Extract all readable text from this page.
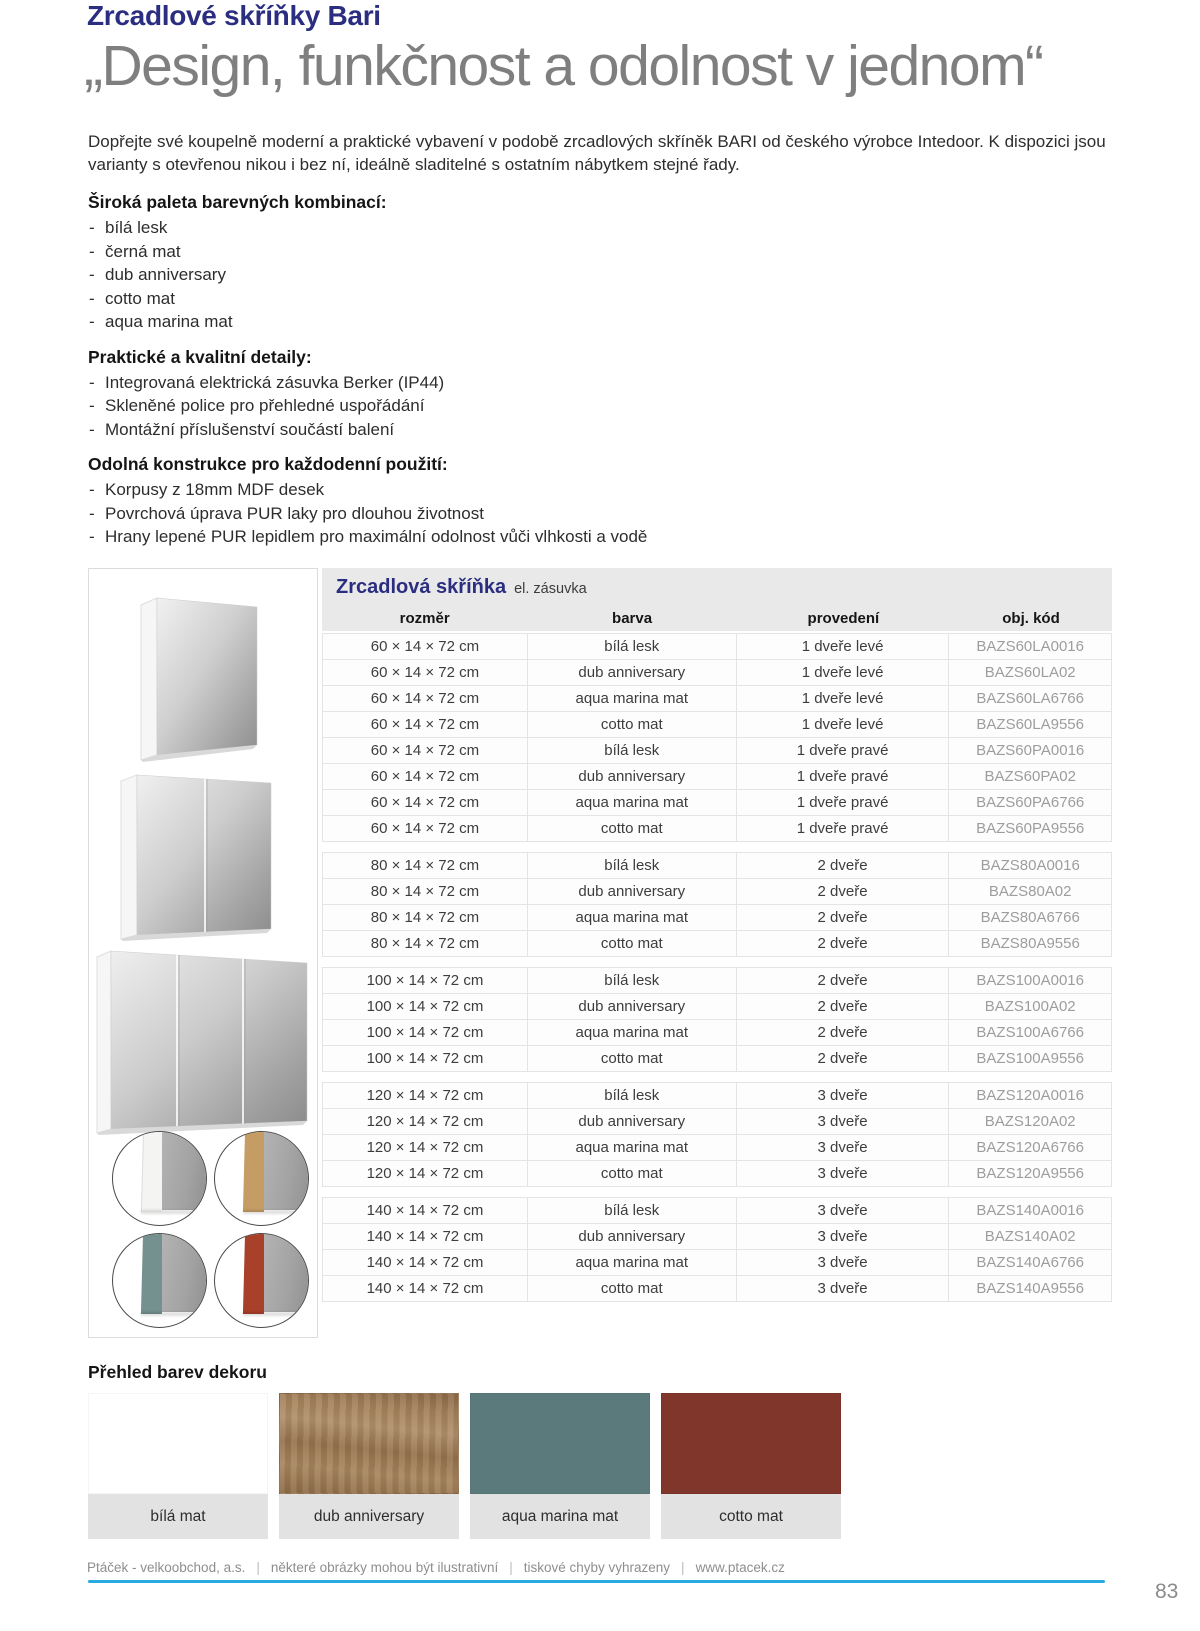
Zrcadlové skříňky Bari
„Design, funkčnost a odolnost v jednom“
Dopřejte své koupelně moderní a praktické vybavení v podobě zrcadlových skříněk BARI od českého výrobce Intedoor. K dispozici jsou varianty s otevřenou nikou i bez ní, ideálně sladitelné s ostatním nábytkem stejné řady.
Široká paleta barevných kombinací:
- bílá lesk
- černá mat
- dub anniversary
- cotto mat
- aqua marina mat
Praktické a kvalitní detaily:
- Integrovaná elektrická zásuvka Berker (IP44)
- Skleněné police pro přehledné uspořádání
- Montážní příslušenství součástí balení
Odolná konstrukce pro každodenní použití:
- Korpusy z 18mm MDF desek
- Povrchová úprava PUR laky pro dlouhou životnost
- Hrany lepené PUR lepidlem pro maximální odolnost vůči vlhkosti a vodě
Zrcadlová skříňka el. zásuvka
rozměr	barva	provedení	obj. kód
60 × 14 × 72 cm	bílá lesk	1 dveře levé	BAZS60LA0016
60 × 14 × 72 cm	dub anniversary	1 dveře levé	BAZS60LA02
60 × 14 × 72 cm	aqua marina mat	1 dveře levé	BAZS60LA6766
60 × 14 × 72 cm	cotto mat	1 dveře levé	BAZS60LA9556
60 × 14 × 72 cm	bílá lesk	1 dveře pravé	BAZS60PA0016
60 × 14 × 72 cm	dub anniversary	1 dveře pravé	BAZS60PA02
60 × 14 × 72 cm	aqua marina mat	1 dveře pravé	BAZS60PA6766
60 × 14 × 72 cm	cotto mat	1 dveře pravé	BAZS60PA9556
80 × 14 × 72 cm	bílá lesk	2 dveře	BAZS80A0016
80 × 14 × 72 cm	dub anniversary	2 dveře	BAZS80A02
80 × 14 × 72 cm	aqua marina mat	2 dveře	BAZS80A6766
80 × 14 × 72 cm	cotto mat	2 dveře	BAZS80A9556
100 × 14 × 72 cm	bílá lesk	2 dveře	BAZS100A0016
100 × 14 × 72 cm	dub anniversary	2 dveře	BAZS100A02
100 × 14 × 72 cm	aqua marina mat	2 dveře	BAZS100A6766
100 × 14 × 72 cm	cotto mat	2 dveře	BAZS100A9556
120 × 14 × 72 cm	bílá lesk	3 dveře	BAZS120A0016
120 × 14 × 72 cm	dub anniversary	3 dveře	BAZS120A02
120 × 14 × 72 cm	aqua marina mat	3 dveře	BAZS120A6766
120 × 14 × 72 cm	cotto mat	3 dveře	BAZS120A9556
140 × 14 × 72 cm	bílá lesk	3 dveře	BAZS140A0016
140 × 14 × 72 cm	dub anniversary	3 dveře	BAZS140A02
140 × 14 × 72 cm	aqua marina mat	3 dveře	BAZS140A6766
140 × 14 × 72 cm	cotto mat	3 dveře	BAZS140A9556
Přehled barev dekoru
bílá mat	dub anniversary	aqua marina mat	cotto mat
Ptáček - velkoobchod, a.s. | některé obrázky mohou být ilustrativní | tiskové chyby vyhrazeny | www.ptacek.cz
83
